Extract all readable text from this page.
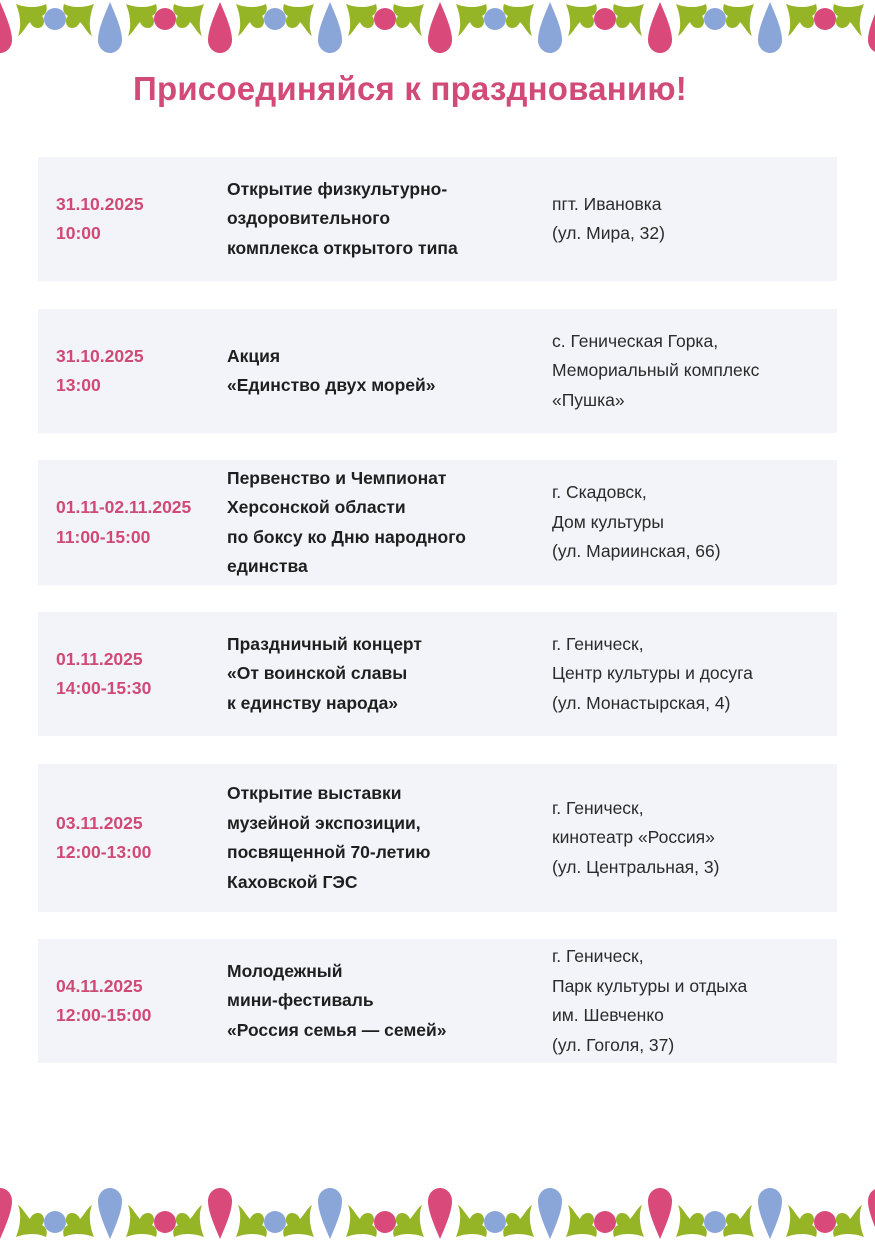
Присоединяйся к празднованию!
31.10.2025
10:00
Открытие физкультурно-
оздоровительного
комплекса открытого типа
пгт. Ивановка
(ул. Мира, 32)
31.10.2025
13:00
Акция
«Единство двух морей»
с. Геническая Горка,
Мемориальный комплекс
«Пушка»
01.11-02.11.2025
11:00-15:00
Первенство и Чемпионат
Херсонской области
по боксу ко Дню народного
единства
г. Скадовск,
Дом культуры
(ул. Мариинская, 66)
01.11.2025
14:00-15:30
Праздничный концерт
«От воинской славы
к единству народа»
г. Геническ,
Центр культуры и досуга
(ул. Монастырская, 4)
03.11.2025
12:00-13:00
Открытие выставки
музейной экспозиции,
посвященной 70-летию
Каховской ГЭС
г. Геническ,
кинотеатр «Россия»
(ул. Центральная, 3)
04.11.2025
12:00-15:00
Молодежный
мини-фестиваль
«Россия семья — семей»
г. Геническ,
Парк культуры и отдыха
им. Шевченко
(ул. Гоголя, 37)
